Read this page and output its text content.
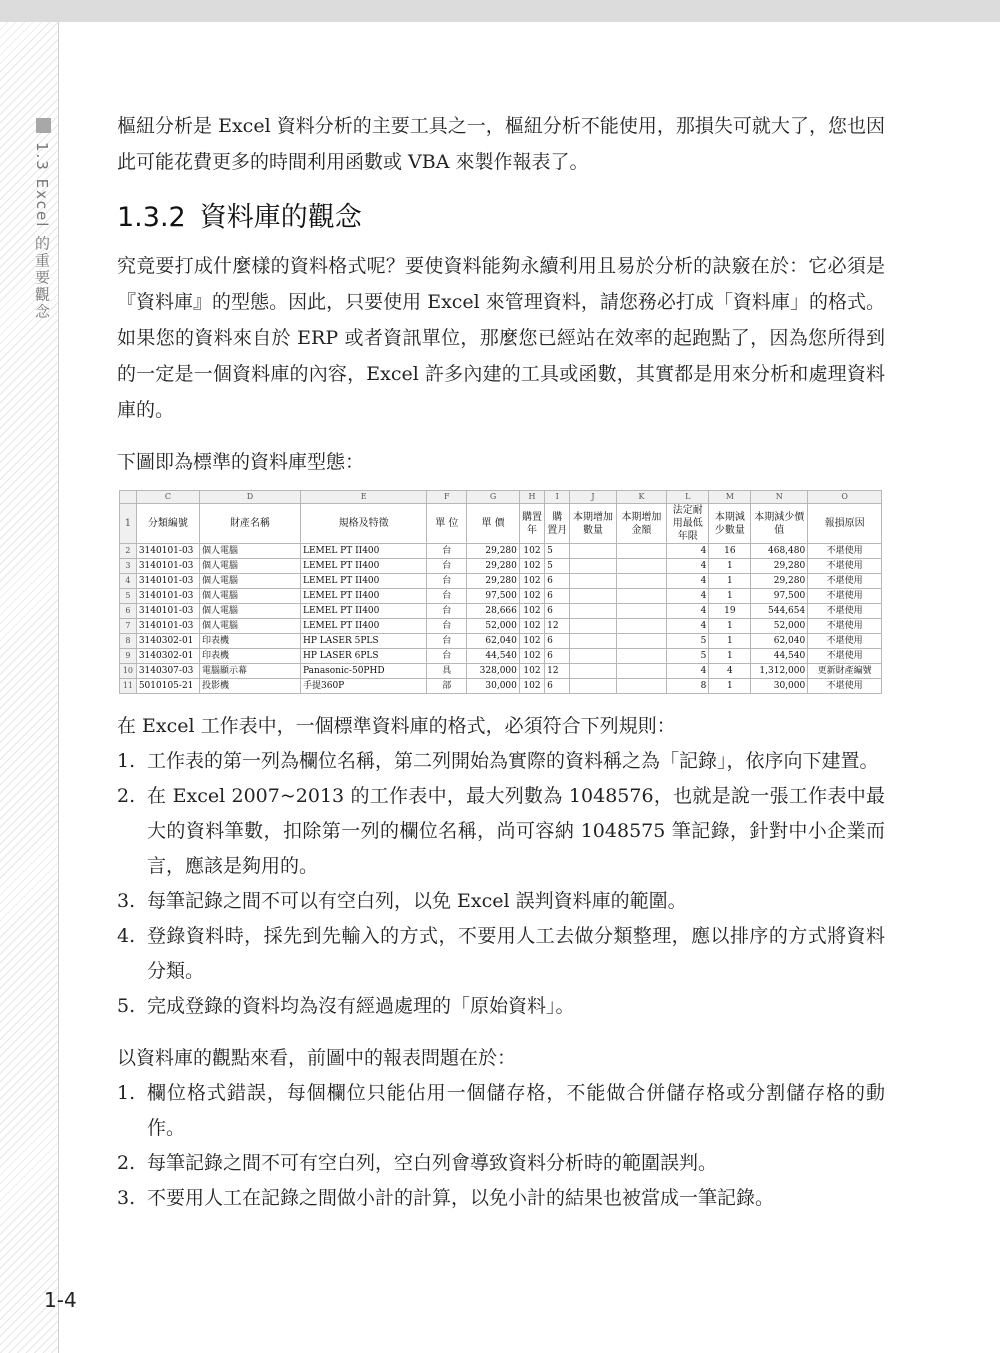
1.3 Excel 的重要觀念
1-4

樞紐分析是 Excel 資料分析的主要工具之一，樞紐分析不能使用，那損失可就大了，您也因此可能花費更多的時間利用函數或 VBA 來製作報表了。

1.3.2 資料庫的觀念

究竟要打成什麼樣的資料格式呢？要使資料能夠永續利用且易於分析的訣竅在於：它必須是『資料庫』的型態。因此，只要使用 Excel 來管理資料，請您務必打成「資料庫」的格式。如果您的資料來自於 ERP 或者資訊單位，那麼您已經站在效率的起跑點了，因為您所得到的一定是一個資料庫的內容，Excel 許多內建的工具或函數，其實都是用來分析和處理資料庫的。

下圖即為標準的資料庫型態：

	C	D	E	F	G	H	I	J	K	L	M	N	O
1	分類編號	財產名稱	規格及特徵	單 位	單 價	購置年	購 置月	本期增加數量	本期增加金額	法定耐用最低年限	本期減少數量	本期減少價值	報損原因
2	3140101-03	個人電腦	LEMEL PT II400	台	29,280	102	5			4	16	468,480	不堪使用
3	3140101-03	個人電腦	LEMEL PT II400	台	29,280	102	5			4	1	29,280	不堪使用
4	3140101-03	個人電腦	LEMEL PT II400	台	29,280	102	6			4	1	29,280	不堪使用
5	3140101-03	個人電腦	LEMEL PT II400	台	97,500	102	6			4	1	97,500	不堪使用
6	3140101-03	個人電腦	LEMEL PT II400	台	28,666	102	6			4	19	544,654	不堪使用
7	3140101-03	個人電腦	LEMEL PT II400	台	52,000	102	12			4	1	52,000	不堪使用
8	3140302-01	印表機	HP LASER 5PLS	台	62,040	102	6			5	1	62,040	不堪使用
9	3140302-01	印表機	HP LASER 6PLS	台	44,540	102	6			5	1	44,540	不堪使用
10	3140307-03	電腦顯示幕	Panasonic-50PHD	具	328,000	102	12			4	4	1,312,000	更新財產編號
11	5010105-21	投影機	手提360P	部	30,000	102	6			8	1	30,000	不堪使用

在 Excel 工作表中，一個標準資料庫的格式，必須符合下列規則：

1. 工作表的第一列為欄位名稱，第二列開始為實際的資料稱之為「記錄」，依序向下建置。
2. 在 Excel 2007~2013 的工作表中，最大列數為 1048576，也就是說一張工作表中最大的資料筆數，扣除第一列的欄位名稱，尚可容納 1048575 筆記錄，針對中小企業而言，應該是夠用的。
3. 每筆記錄之間不可以有空白列，以免 Excel 誤判資料庫的範圍。
4. 登錄資料時，採先到先輸入的方式，不要用人工去做分類整理，應以排序的方式將資料分類。
5. 完成登錄的資料均為沒有經過處理的「原始資料」。

以資料庫的觀點來看，前圖中的報表問題在於：

1. 欄位格式錯誤，每個欄位只能佔用一個儲存格，不能做合併儲存格或分割儲存格的動作。
2. 每筆記錄之間不可有空白列，空白列會導致資料分析時的範圍誤判。
3. 不要用人工在記錄之間做小計的計算，以免小計的結果也被當成一筆記錄。
